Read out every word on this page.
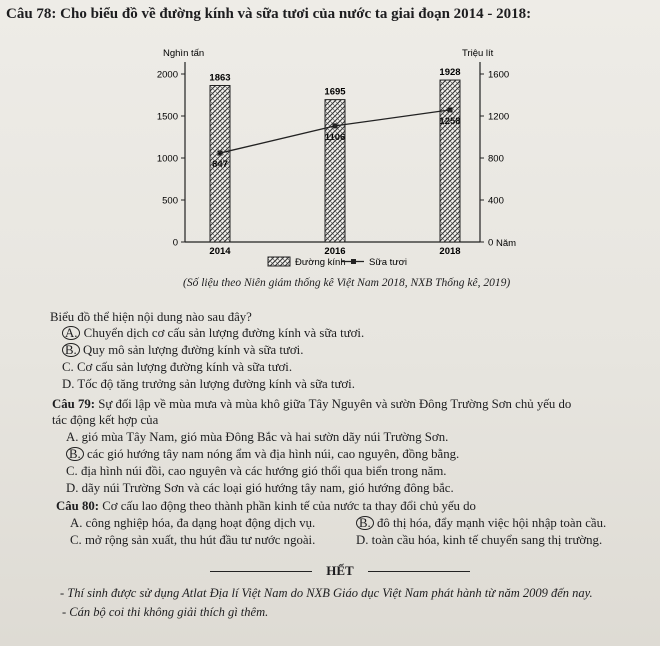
Câu 78: Cho biểu đồ về đường kính và sữa tươi của nước ta giai đoạn 2014 - 2018:
Nghìn tấn	Triệu lít
Năm
0
500
1000
1500
2000
0
400
800
1200
1600
1863
2014
1695
2016
1928
2018
847
1106
1258
Đường kính Sữa tươi
(Số liệu theo Niên giám thống kê Việt Nam 2018, NXB Thống kê, 2019)
Biểu đồ thể hiện nội dung nào sau đây?
A. Chuyển dịch cơ cấu sản lượng đường kính và sữa tươi.
B. Quy mô sản lượng đường kính và sữa tươi.
C. Cơ cấu sản lượng đường kính và sữa tươi.
D. Tốc độ tăng trưởng sản lượng đường kính và sữa tươi.
Câu 79: Sự đối lập về mùa mưa và mùa khô giữa Tây Nguyên và sườn Đông Trường Sơn chủ yếu do
tác động kết hợp của
A. gió mùa Tây Nam, gió mùa Đông Bắc và hai sườn dãy núi Trường Sơn.
B. các gió hướng tây nam nóng ẩm và địa hình núi, cao nguyên, đồng bằng.
C. địa hình núi đồi, cao nguyên và các hướng gió thổi qua biển trong năm.
D. dãy núi Trường Sơn và các loại gió hướng tây nam, gió hướng đông bắc.
Câu 80: Cơ cấu lao động theo thành phần kinh tế của nước ta thay đổi chủ yếu do
A. công nghiệp hóa, đa dạng hoạt động dịch vụ.	B. đô thị hóa, đẩy mạnh việc hội nhập toàn cầu.
C. mở rộng sản xuất, thu hút đầu tư nước ngoài.	D. toàn cầu hóa, kinh tế chuyển sang thị trường.
HẾT
- Thí sinh được sử dụng Atlat Địa lí Việt Nam do NXB Giáo dục Việt Nam phát hành từ năm 2009 đến nay.
- Cán bộ coi thi không giải thích gì thêm.
